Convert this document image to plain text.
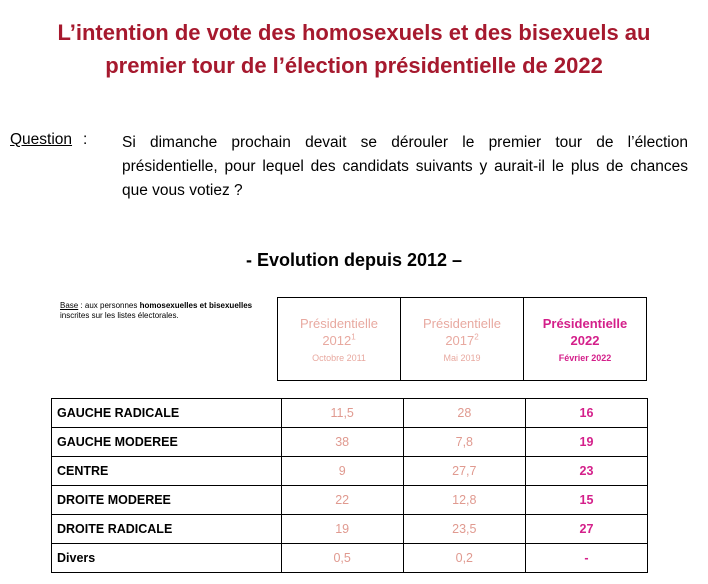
L’intention de vote des homosexuels et des bisexuels au
premier tour de l’élection présidentielle de 2022
Question : Si dimanche prochain devait se dérouler le premier tour de l’élection présidentielle, pour lequel des candidats suivants y aurait-il le plus de chances que vous votiez ?
- Evolution depuis 2012 –
Base : aux personnes homosexuelles et bisexuelles inscrites sur les listes électorales.
Présidentielle
2012$^1$
Octobre 2011
Présidentielle
2017$^2$
Mai 2019
Présidentielle
2022
Février 2022
GAUCHE RADICALE	11,5	28	16
GAUCHE MODEREE	38	7,8	19
CENTRE	9	27,7	23
DROITE MODEREE	22	12,8	15
DROITE RADICALE	19	23,5	27
Divers	0,5	0,2	-
